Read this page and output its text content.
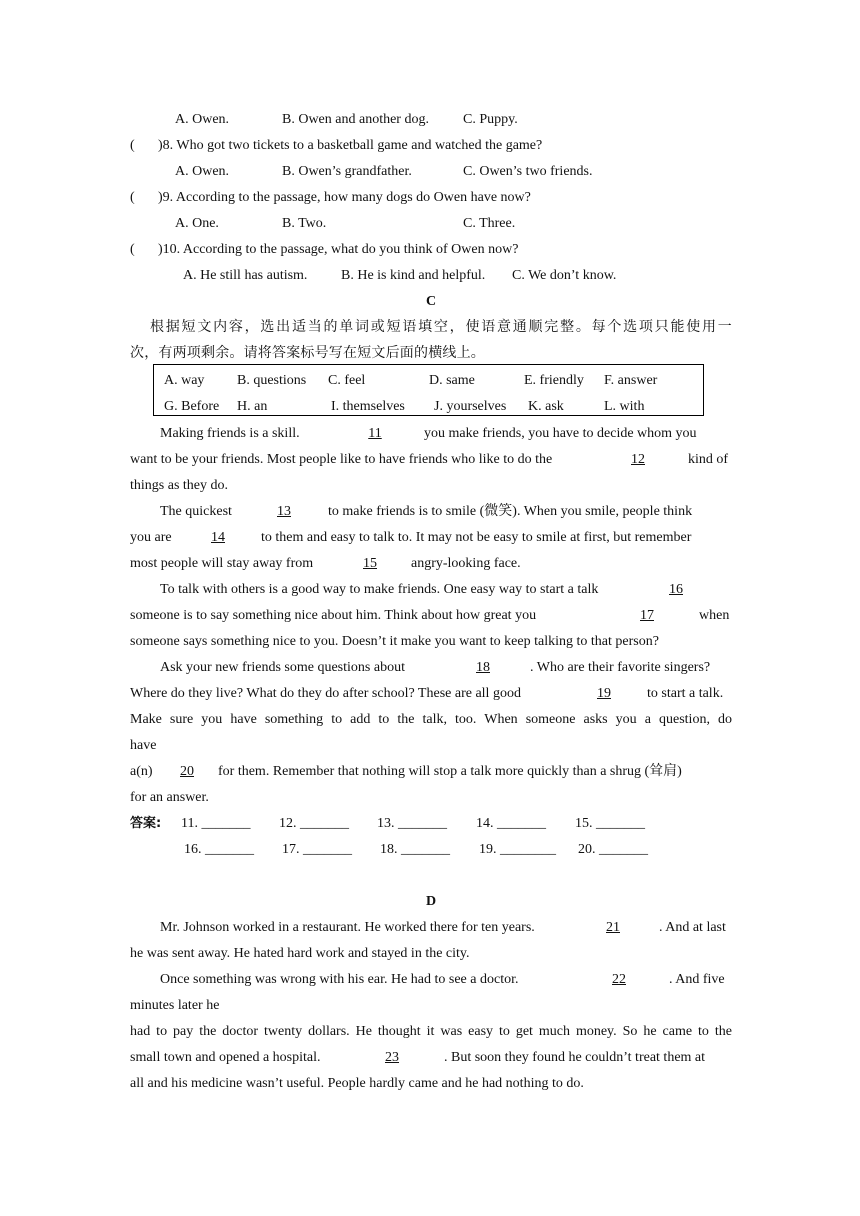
A. Owen.	B. Owen and another dog. C. Puppy.
( )8. Who got two tickets to a basketball game and watched the game?
A. Owen.	B. Owen’s grandfather.	C. Owen’s two friends.
( )9. According to the passage, how many dogs do Owen have now?
A. One.	B. Two.	C. Three.
( )10. According to the passage, what do you think of Owen now?
A. He still has autism. B. He is kind and helpful. C. We don’t know.
C
根据短文内容，选出适当的单词或短语填空，使语意通顺完整。每个选项只能使用一
次，有两项剩余。请将答案标号写在短文后面的横线上。
A. way B. questions C. feel	D. same	E. friendly F. answer
G. Before H. an	I. themselves J. yourselves K. ask	L. with
Making friends is a skill.	11	you make friends, you have to decide whom you
want to be your friends. Most people like to have friends who like to do the	12	kind of
things as they do.
The quickest	13	to make friends is to smile (微笑). When you smile, people think
you are	14	to them and easy to talk to. It may not be easy to smile at first, but remember
most people will stay away from	15	angry-looking face.
To talk with others is a good way to make friends. One easy way to start a talk	16
someone is to say something nice about him. Think about how great you	17	when
someone says something nice to you. Doesn’t it make you want to keep talking to that person?
Ask your new friends some questions about	18	. Who are their favorite singers?
Where do they live? What do they do after school? These are all good	19	to start a talk.
Make sure you have something to add to the talk, too. When someone asks you a question, do
have
a(n)	20	for them. Remember that nothing will stop a talk more quickly than a shrug (耸肩)
for an answer.
答案: 11. _______ 12. _______ 13. _______ 14. _______ 15. _______
16. _______ 17. _______ 18. _______ 19. ________ 20. _______
D
Mr. Johnson worked in a restaurant. He worked there for ten years.	21	. And at last
he was sent away. He hated hard work and stayed in the city.
Once something was wrong with his ear. He had to see a doctor.	22	. And five
minutes later he
had to pay the doctor twenty dollars. He thought it was easy to get much money. So he came to the
small town and opened a hospital.	23	. But soon they found he couldn’t treat them at
all and his medicine wasn’t useful. People hardly came and he had nothing to do.
